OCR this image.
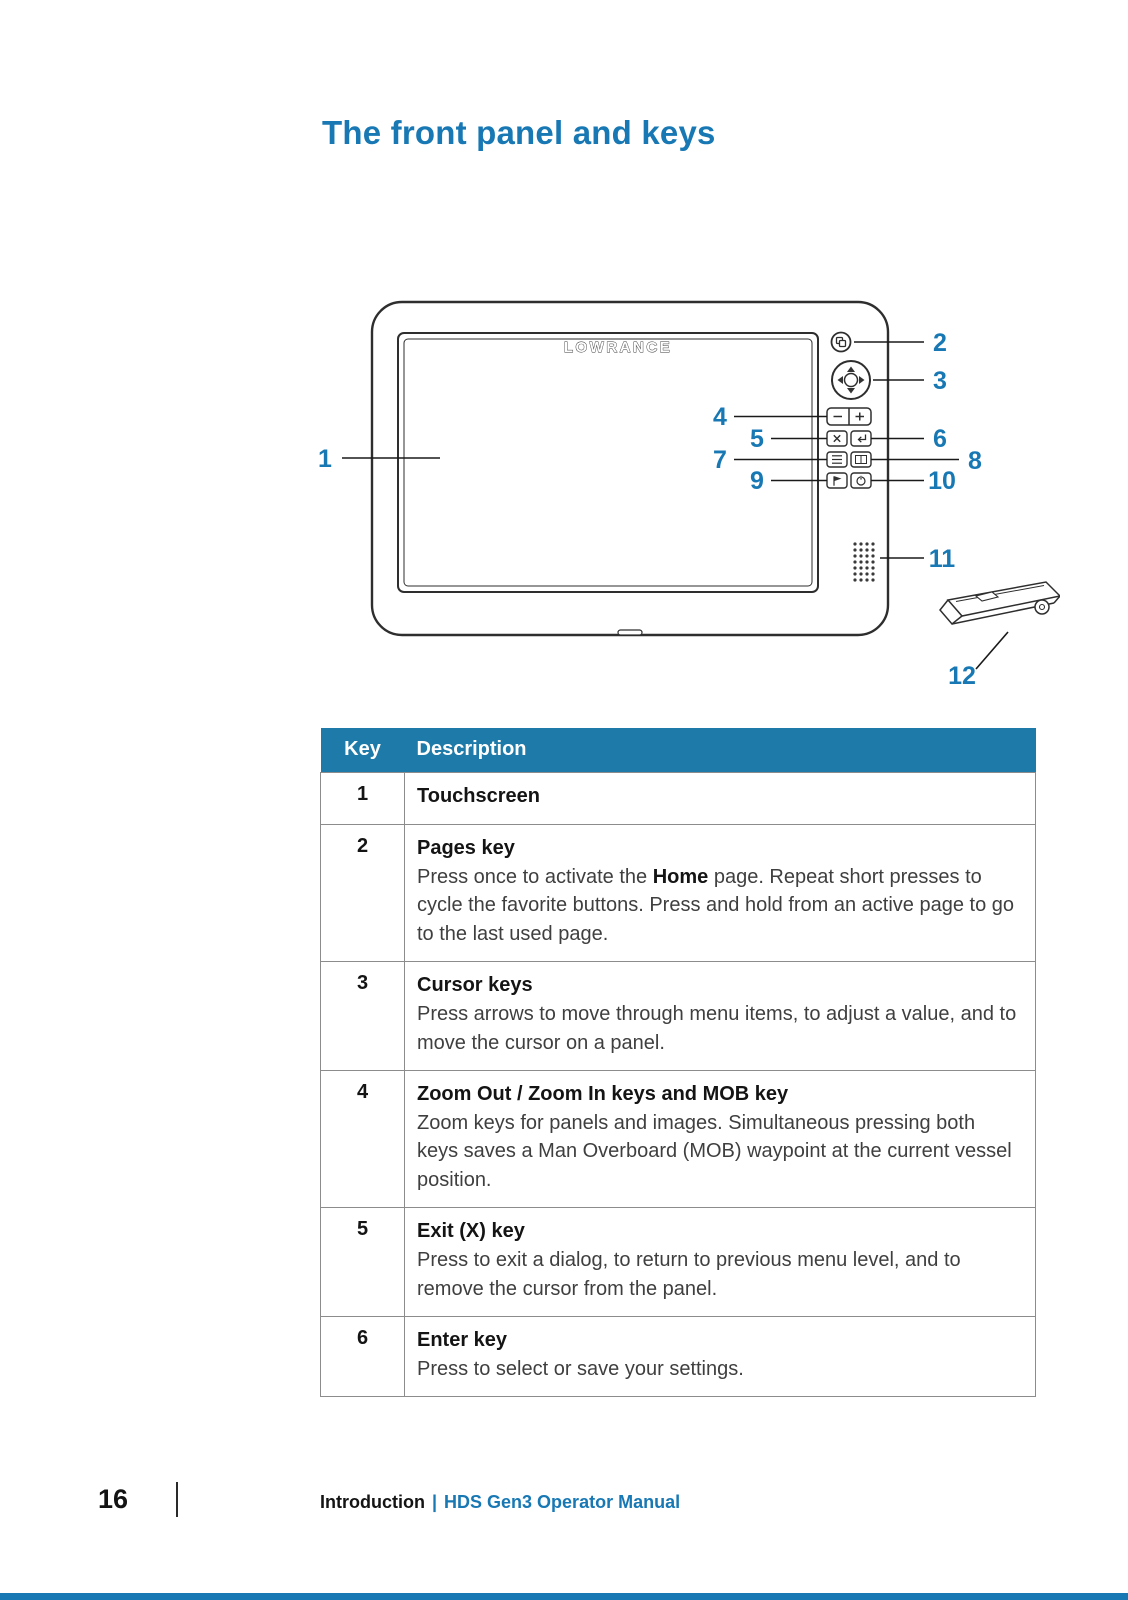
The front panel and keys
LOWRANCE
1
2
3
4
5	6
7	8
9	10
11
12
Key	Description
1	Touchscreen

2	Pages key
Press once to activate the Home page. Repeat short presses to cycle the favorite buttons. Press and hold from an active page to go to the last used page.

3	Cursor keys
Press arrows to move through menu items, to adjust a value, and to move the cursor on a panel.

4	Zoom Out / Zoom In keys and MOB key
Zoom keys for panels and images. Simultaneous pressing both keys saves a Man Overboard (MOB) waypoint at the current vessel position.

5	Exit (X) key
Press to exit a dialog, to return to previous menu level, and to remove the cursor from the panel.

6	Enter key
Press to select or save your settings.
16	Introduction | HDS Gen3 Operator Manual
